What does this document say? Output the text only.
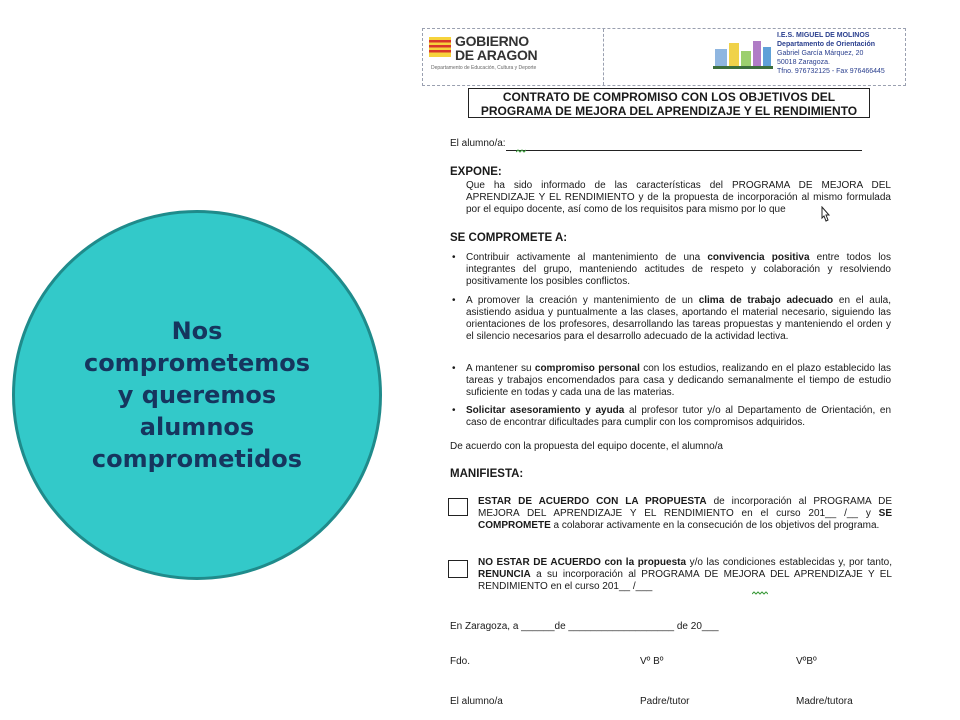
Nos
comprometemos
y queremos
alumnos
comprometidos
GOBIERNO
DE ARAGON
Departamento de Educación, Cultura y Deporte
I.E.S. MIGUEL DE MOLINOS
Departamento de Orientación
Gabriel García Márquez, 20
50018 Zaragoza.
Tfno. 976732125 - Fax 976466445
CONTRATO DE COMPROMISO CON LOS OBJETIVOS DEL
PROGRAMA DE MEJORA DEL APRENDIZAJE Y EL RENDIMIENTO
El alumno/a:
EXPONE:
Que ha sido informado de las características del PROGRAMA DE MEJORA DEL APRENDIZAJE Y EL RENDIMIENTO y de la propuesta de incorporación al mismo formulada por el equipo docente, así como de los requisitos para mismo por lo que
SE COMPROMETE A:
• Contribuir activamente al mantenimiento de una convivencia positiva entre todos los integrantes del grupo, manteniendo actitudes de respeto y colaboración y resolviendo positivamente los posibles conflictos.
• A promover la creación y mantenimiento de un clima de trabajo adecuado en el aula, asistiendo asidua y puntualmente a las clases, aportando el material necesario, siguiendo las orientaciones de los profesores, desarrollando las tareas propuestas y manteniendo el orden y el silencio necesarios para el desarrollo adecuado de la actividad lectiva.
• A mantener su compromiso personal con los estudios, realizando en el plazo establecido las tareas y trabajos encomendados para casa y dedicando semanalmente el tiempo de estudio suficiente en todas y cada una de las materias.
• Solicitar asesoramiento y ayuda al profesor tutor y/o al Departamento de Orientación, en caso de encontrar dificultades para cumplir con los compromisos adquiridos.
De acuerdo con la propuesta del equipo docente, el alumno/a
MANIFIESTA:
ESTAR DE ACUERDO CON LA PROPUESTA de incorporación al PROGRAMA DE MEJORA DEL APRENDIZAJE Y EL RENDIMIENTO en el curso 201__ /__ y SE COMPROMETE a colaborar activamente en la consecución de los objetivos del programa.
NO ESTAR DE ACUERDO con la propuesta y/o las condiciones establecidas y, por tanto, RENUNCIA a su incorporación al PROGRAMA DE MEJORA DEL APRENDIZAJE Y EL RENDIMIENTO en el curso 201__ /___
En Zaragoza, a ______de ___________________ de 20___
Fdo.	Vº Bº	VºBº
El alumno/a	Padre/tutor	Madre/tutora
